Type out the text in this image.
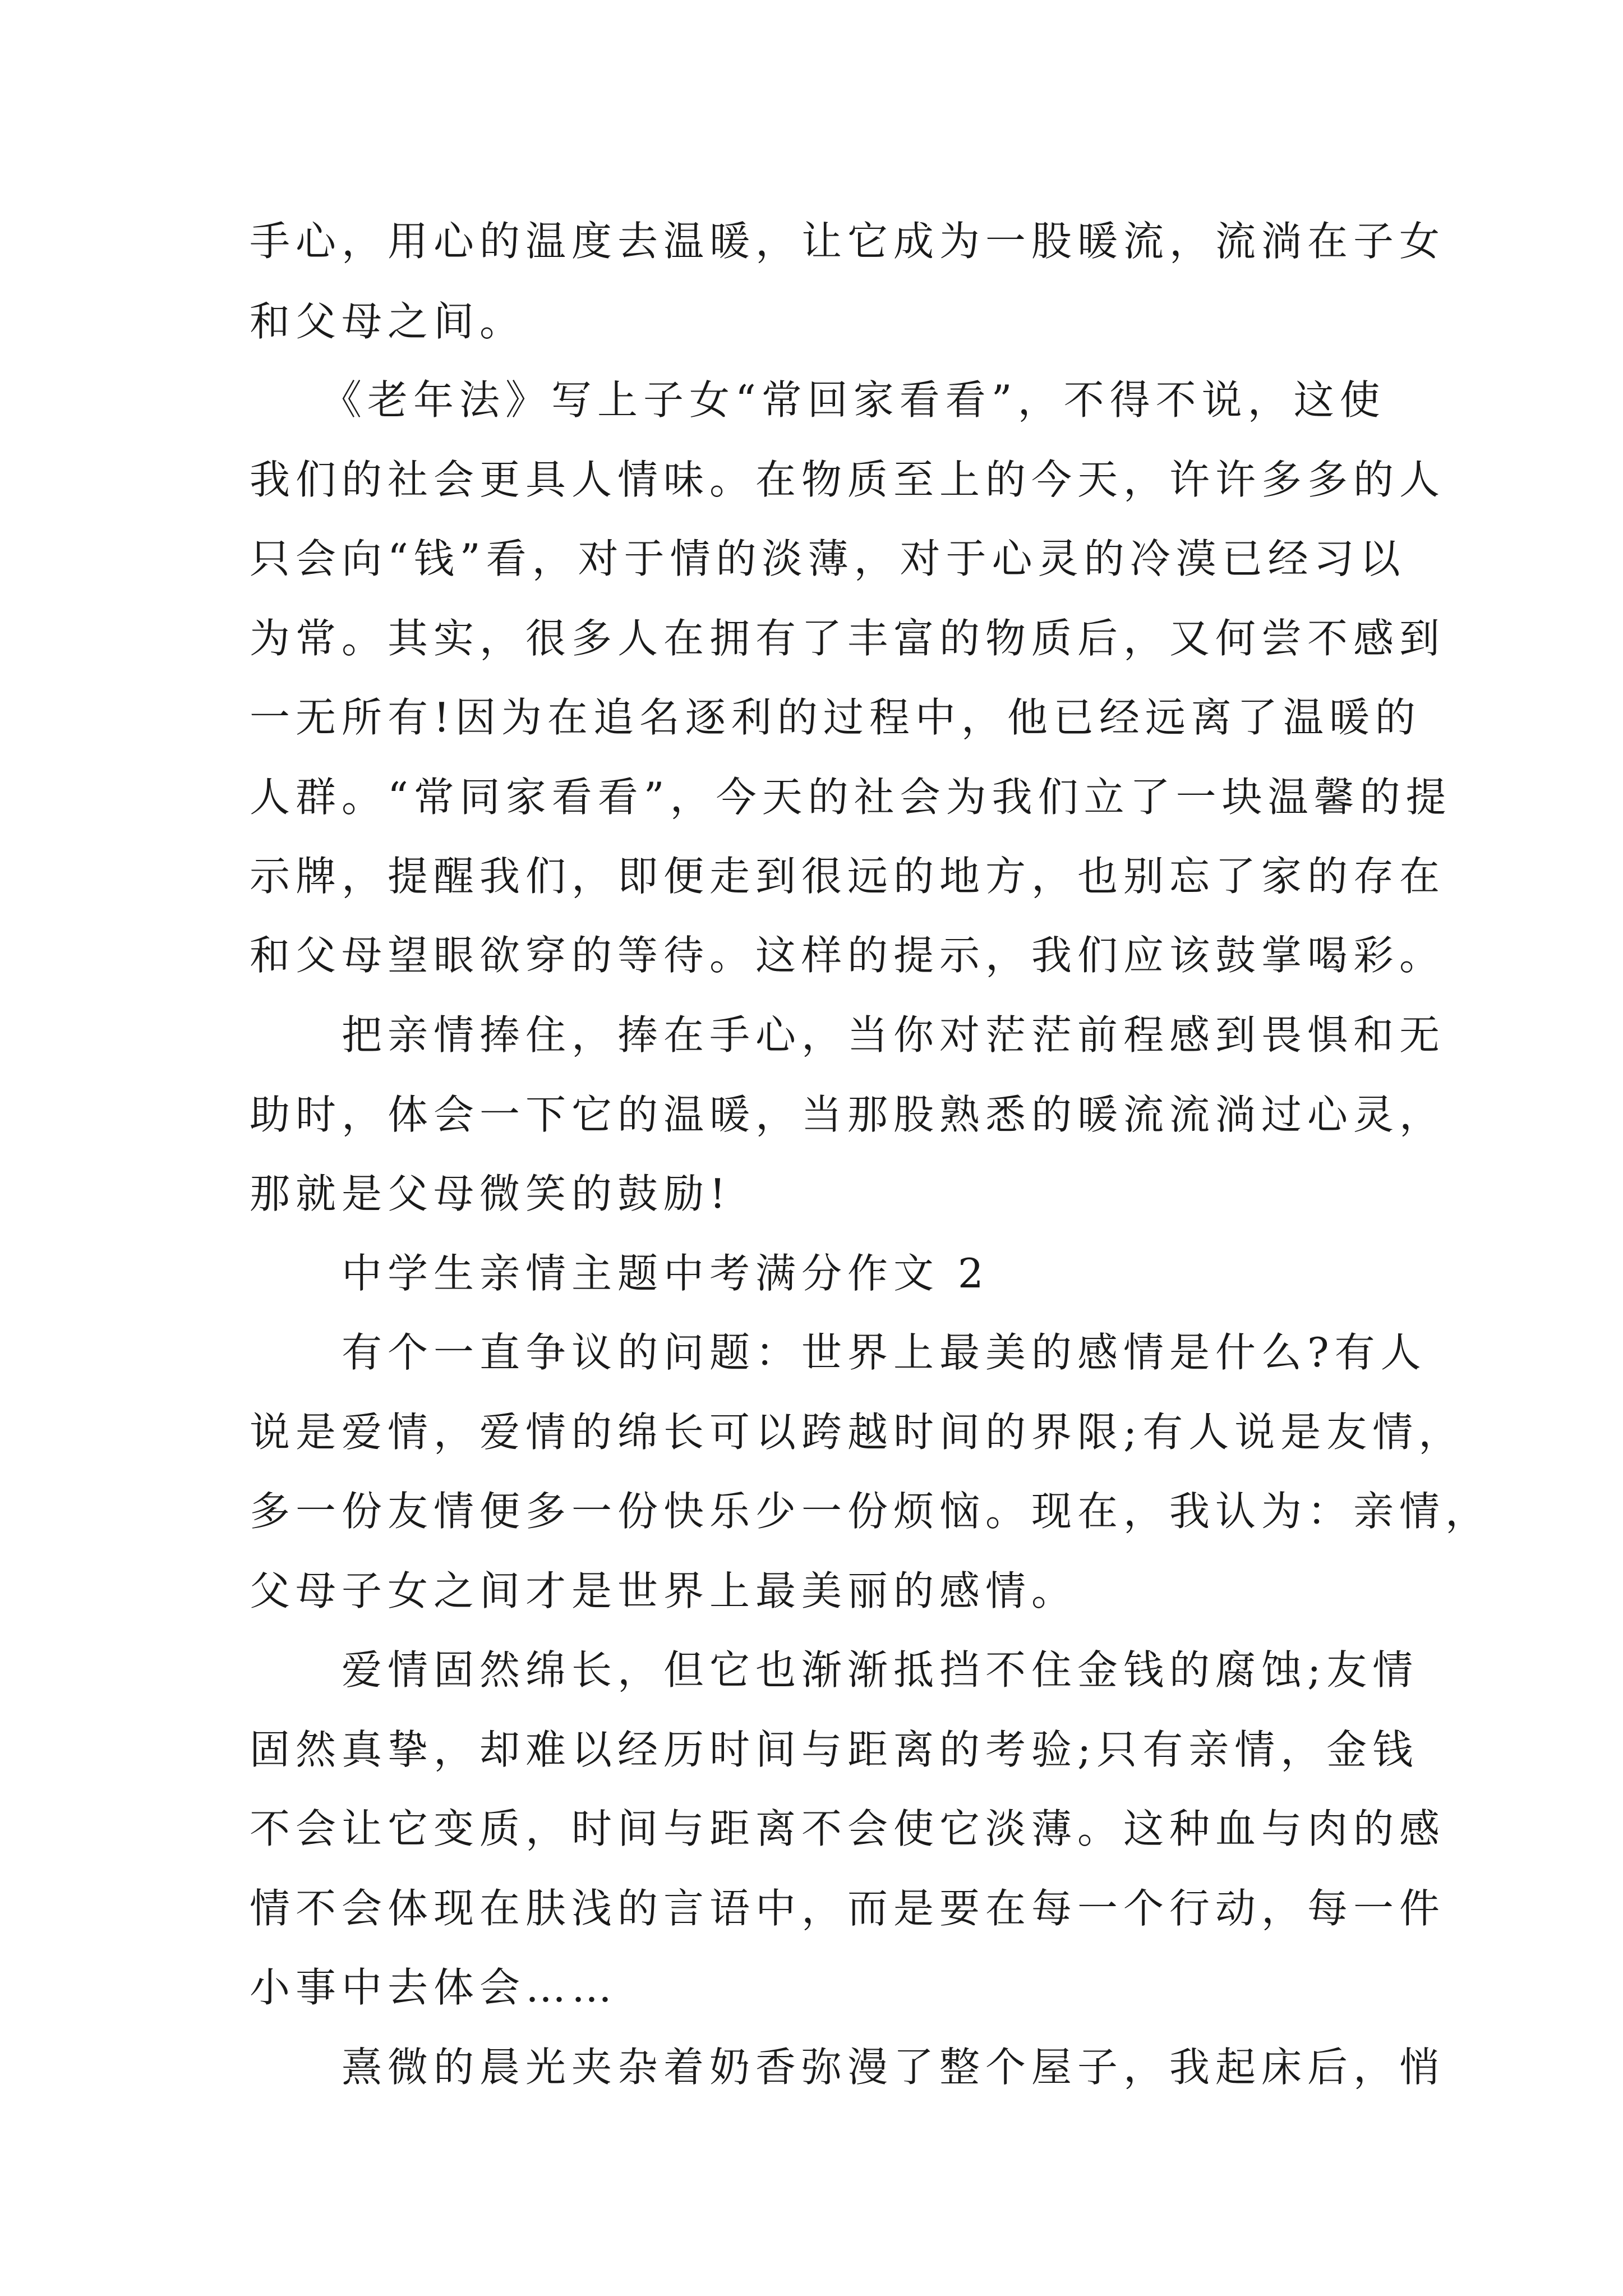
手心，用心的温度去温暖，让它成为一股暖流，流淌在子女
和父母之间。
　　《老年法》写上子女“常回家看看”，不得不说，这使
我们的社会更具人情味。在物质至上的今天，许许多多的人
只会向“钱”看，对于情的淡薄，对于心灵的冷漠已经习以
为常。其实，很多人在拥有了丰富的物质后，又何尝不感到
一无所有!因为在追名逐利的过程中，他已经远离了温暖的
人群。“常同家看看”，今天的社会为我们立了一块温馨的提
示牌，提醒我们，即便走到很远的地方，也别忘了家的存在
和父母望眼欲穿的等待。这样的提示，我们应该鼓掌喝彩。
　　把亲情捧住，捧在手心，当你对茫茫前程感到畏惧和无
助时，体会一下它的温暖，当那股熟悉的暖流流淌过心灵，
那就是父母微笑的鼓励!
　　中学生亲情主题中考满分作文 2
　　有个一直争议的问题：世界上最美的感情是什么?有人
说是爱情，爱情的绵长可以跨越时间的界限;有人说是友情，
多一份友情便多一份快乐少一份烦恼。现在，我认为：亲情，
父母子女之间才是世界上最美丽的感情。
　　爱情固然绵长，但它也渐渐抵挡不住金钱的腐蚀;友情
固然真挚，却难以经历时间与距离的考验;只有亲情，金钱
不会让它变质，时间与距离不会使它淡薄。这种血与肉的感
情不会体现在肤浅的言语中，而是要在每一个行动，每一件
小事中去体会……
　　熹微的晨光夹杂着奶香弥漫了整个屋子，我起床后，悄
